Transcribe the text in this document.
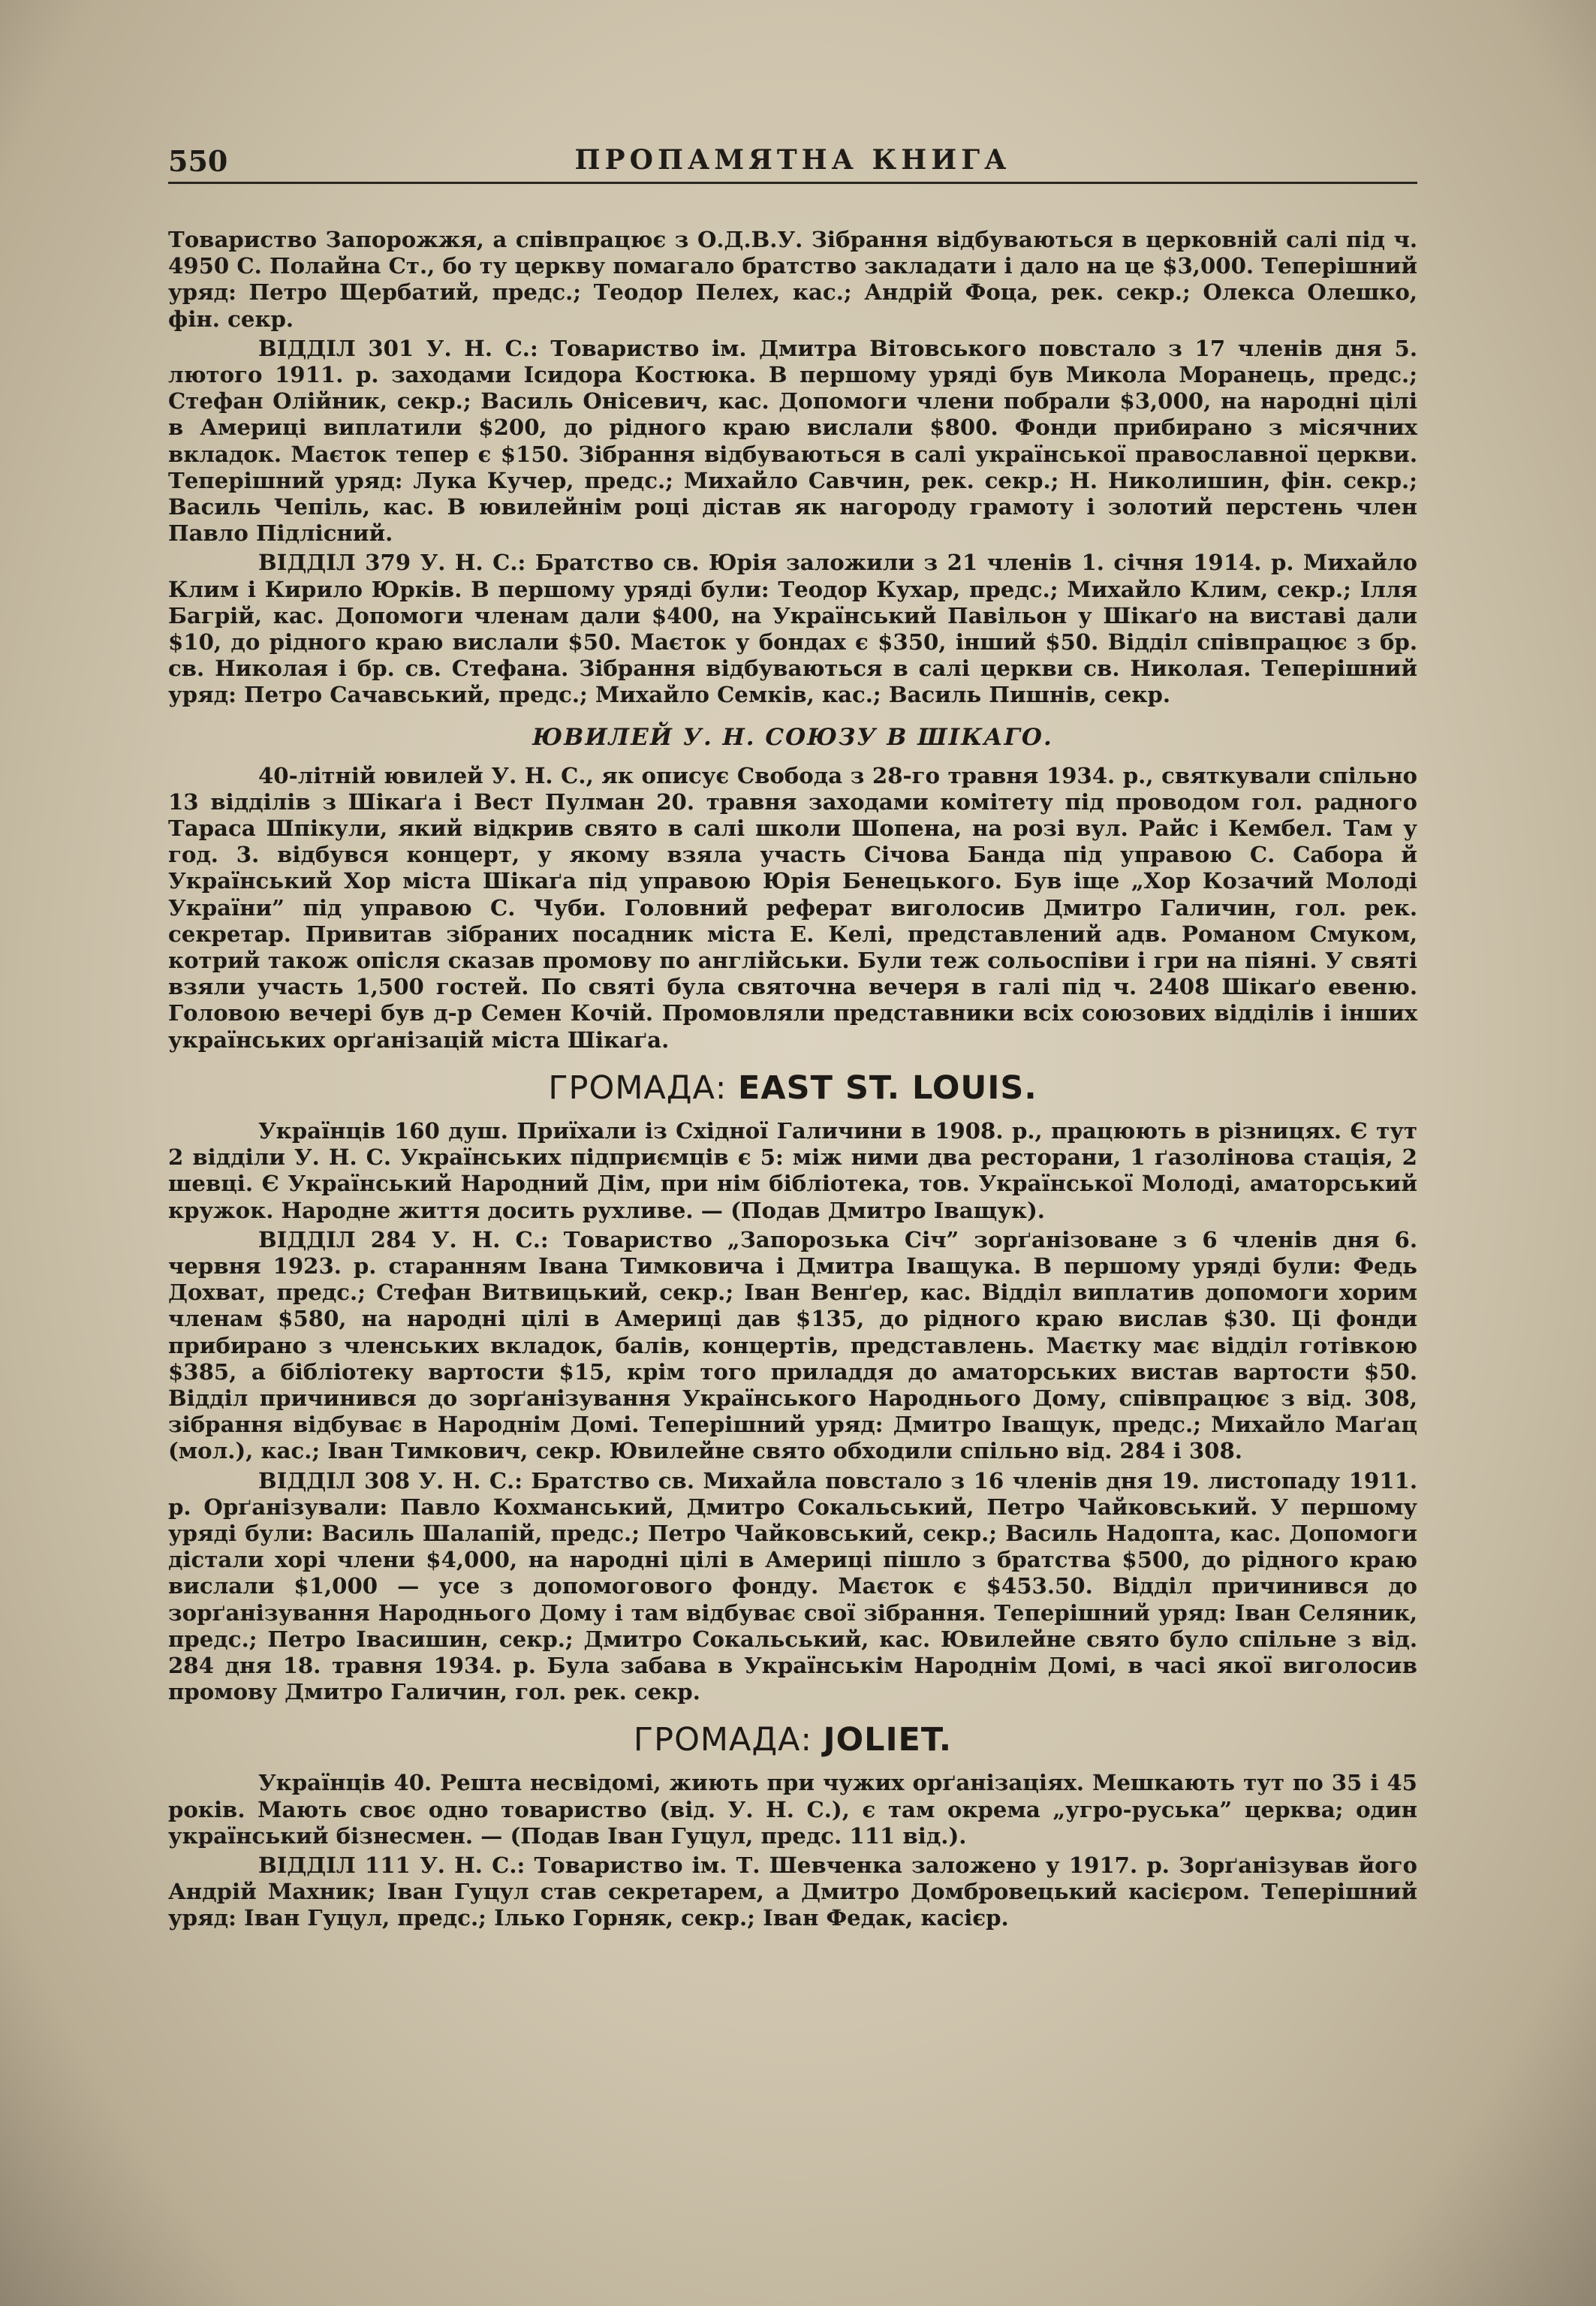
550	ПРОПАМЯТНА КНИГА

Товариство Запорожжя, а співпрацює з О.Д.В.У. Зібрання відбуваються в церковній салі під ч. 4950 С. Полайна Ст., бо ту церкву помагало братство закладати і дало на це $3,000. Теперішний уряд: Петро Щербатий, предс.; Теодор Пелех, кас.; Андрій Фоца, рек. секр.; Олекса Олешко, фін. секр.

ВІДДІЛ 301 У. Н. С.: Товариство ім. Дмитра Вітовського повстало з 17 членів дня 5. лютого 1911. р. заходами Ісидора Костюка. В першому уряді був Микола Моранець, предс.; Стефан Олійник, секр.; Василь Онісевич, кас. Допомоги члени побрали $3,000, на народні цілі в Америці виплатили $200, до рідного краю вислали $800. Фонди прибирано з місячних вкладок. Маєток тепер є $150. Зібрання відбуваються в салі української православної церкви. Теперішний уряд: Лука Кучер, предс.; Михайло Савчин, рек. секр.; Н. Николишин, фін. секр.; Василь Чепіль, кас. В ювилейнім році дістав як нагороду грамоту і золотий перстень член Павло Підлісний.

ВІДДІЛ 379 У. Н. С.: Братство св. Юрія заложили з 21 членів 1. січня 1914. р. Михайло Клим і Кирило Юрків. В першому уряді були: Теодор Кухар, предс.; Михайло Клим, секр.; Ілля Багрій, кас. Допомоги членам дали $400, на Український Павільон у Шікаґо на виставі дали $10, до рідного краю вислали $50. Маєток у бондах є $350, інший $50. Відділ співпрацює з бр. св. Николая і бр. св. Стефана. Зібрання відбуваються в салі церкви св. Николая. Теперішний уряд: Петро Сачавський, предс.; Михайло Семків, кас.; Василь Пишнів, секр.

ЮВИЛЕЙ У. Н. СОЮЗУ В ШІКАГО.

40-літній ювилей У. Н. С., як описує Свобода з 28-го травня 1934. р., святкували спільно 13 відділів з Шікаґа і Вест Пулман 20. травня заходами комітету під проводом гол. радного Тараса Шпікули, який відкрив свято в салі школи Шопена, на розі вул. Райс і Кембел. Там у год. 3. відбувся концерт, у якому взяла участь Січова Банда під управою С. Сабора й Український Хор міста Шікаґа під управою Юрія Бенецького. Був іще „Хор Козачий Молоді України” під управою С. Чуби. Головний реферат виголосив Дмитро Галичин, гол. рек. секретар. Привитав зібраних посадник міста Е. Келі, представлений адв. Романом Смуком, котрий також опісля сказав промову по англійськи. Були теж сольоспіви і гри на піяні. У святі взяли участь 1,500 гостей. По святі була святочна вечеря в галі під ч. 2408 Шікаґо евеню. Головою вечері був д-р Семен Кочій. Промовляли представники всіх союзових відділів і інших українських орґанізацій міста Шікаґа.

ГРОМАДА: EAST ST. LOUIS.

Українців 160 душ. Приїхали із Східної Галичини в 1908. р., працюють в різницях. Є тут 2 відділи У. Н. С. Українських підприємців є 5: між ними два ресторани, 1 ґазолінова стація, 2 шевці. Є Український Народний Дім, при нім бібліотека, тов. Української Молоді, аматорський кружок. Народне життя досить рухливе. — (Подав Дмитро Іващук).

ВІДДІЛ 284 У. Н. С.: Товариство „Запорозька Січ” зорґанізоване з 6 членів дня 6. червня 1923. р. старанням Івана Тимковича і Дмитра Іващука. В першому уряді були: Федь Дохват, предс.; Стефан Витвицький, секр.; Іван Венґер, кас. Відділ виплатив допомоги хорим членам $580, на народні цілі в Америці дав $135, до рідного краю вислав $30. Ці фонди прибирано з членських вкладок, балів, концертів, представлень. Маєтку має відділ готівкою $385, а бібліотеку вартости $15, крім того приладдя до аматорських вистав вартости $50. Відділ причинився до зорґанізування Українського Народнього Дому, співпрацює з від. 308, зібрання відбуває в Народнім Домі. Теперішний уряд: Дмитро Іващук, предс.; Михайло Маґац (мол.), кас.; Іван Тимкович, секр. Ювилейне свято обходили спільно від. 284 і 308.

ВІДДІЛ 308 У. Н. С.: Братство св. Михайла повстало з 16 членів дня 19. листопаду 1911. р. Орґанізували: Павло Кохманський, Дмитро Сокальський, Петро Чайковський. У першому уряді були: Василь Шалапій, предс.; Петро Чайковський, секр.; Василь Надопта, кас. Допомоги дістали хорі члени $4,000, на народні цілі в Америці пішло з братства $500, до рідного краю вислали $1,000 — усе з допомогового фонду. Маєток є $453.50. Відділ причинився до зорґанізування Народнього Дому і там відбуває свої зібрання. Теперішний уряд: Іван Селяник, предс.; Петро Івасишин, секр.; Дмитро Сокальський, кас. Ювилейне свято було спільне з від. 284 дня 18. травня 1934. р. Була забава в Українськім Народнім Домі, в часі якої виголосив промову Дмитро Галичин, гол. рек. секр.

ГРОМАДА: JOLIET.

Українців 40. Решта несвідомі, жиють при чужих орґанізаціях. Мешкають тут по 35 і 45 років. Мають своє одно товариство (від. У. Н. С.), є там окрема „угро-руська” церква; один український бізнесмен. — (Подав Іван Гуцул, предс. 111 від.).

ВІДДІЛ 111 У. Н. С.: Товариство ім. Т. Шевченка заложено у 1917. р. Зорґанізував його Андрій Махник; Іван Гуцул став секретарем, а Дмитро Домбровецький касієром. Теперішний уряд: Іван Гуцул, предс.; Ілько Горняк, секр.; Іван Федак, касієр.
